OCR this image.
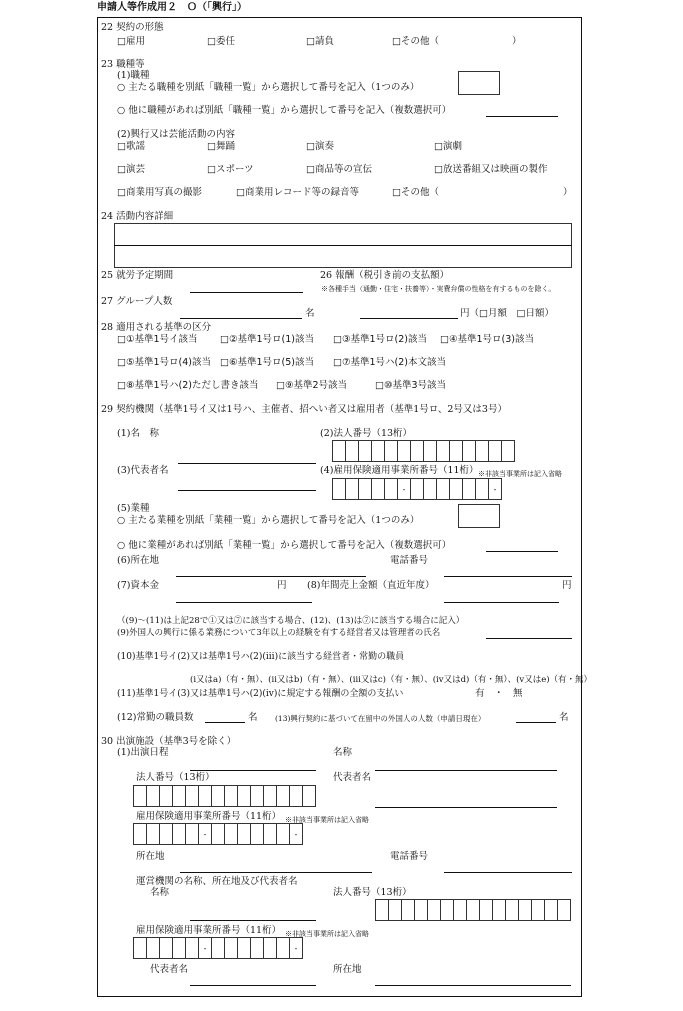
申請人等作成用２　Ｏ（「興行」）
22 契約の形態
□雇用	□委任	□請負	□その他（	）
23 職種等
(1)職種
○ 主たる職種を別紙「職種一覧」から選択して番号を記入（1つのみ）
○ 他に職種があれば別紙「職種一覧」から選択して番号を記入（複数選択可）
(2)興行又は芸能活動の内容
□歌謡	□舞踊	□演奏	□演劇
□演芸	□スポーツ	□商品等の宣伝	□放送番組又は映画の製作
□商業用写真の撮影	□商業用レコード等の録音等	□その他（	）
24 活動内容詳細
25 就労予定期間	26 報酬（税引き前の支払額）
※各種手当（通勤・住宅・扶養等）・実費弁償の性格を有するものを除く。
27 グループ人数
名	円（□月額　□日額）
28 適用される基準の区分
□①基準1号イ該当 □②基準1号ロ(1)該当 □③基準1号ロ(2)該当 □④基準1号ロ(3)該当
□⑤基準1号ロ(4)該当 □⑥基準1号ロ(5)該当 □⑦基準1号ハ(2)本文該当
□⑧基準1号ハ(2)ただし書き該当 □⑨基準2号該当	□⑩基準3号該当
29 契約機関（基準1号イ又は1号ハ、主催者、招へい者又は雇用者（基準1号ロ、2号又は3号）
(1)名　称	(2)法人番号（13桁）
(3)代表者名	(4)雇用保険適用事業所番号（11桁） ※非該当事業所は記入省略
-	-
(5)業種
○ 主たる業種を別紙「業種一覧」から選択して番号を記入（1つのみ）
○ 他に業種があれば別紙「業種一覧」から選択して番号を記入（複数選択可）
(6)所在地	電話番号
(7)資本金	円 (8)年間売上金額（直近年度）	円
（(9)～(11)は上記28で①又は⑦に該当する場合、(12)、(13)は⑦に該当する場合に記入）
(9)外国人の興行に係る業務について3年以上の経験を有する経営者又は管理者の氏名
(10)基準1号イ(2)又は基準1号ハ(2)(ⅲ)に該当する経営者・常勤の職員
(ⅰ又はa)（有・無）、(ⅱ又はb)（有・無）、(ⅲ又はc)（有・無）、(ⅳ又はd)（有・無）、(ⅴ又はe)（有・無）
(11)基準1号イ(3)又は基準1号ハ(2)(ⅳ)に規定する報酬の全額の支払い	有　・　無
(12)常勤の職員数	名 (13)興行契約に基づいて在留中の外国人の人数（申請日現在）	名
30 出演施設（基準3号を除く）
(1)出演日程	名称
法人番号（13桁）	代表者名
雇用保険適用事業所番号（11桁） ※非該当事業所は記入省略
-	-
所在地	電話番号
運営機関の名称、所在地及び代表者名
名称	法人番号（13桁）
雇用保険適用事業所番号（11桁） ※非該当事業所は記入省略
-	-
代表者名	所在地
